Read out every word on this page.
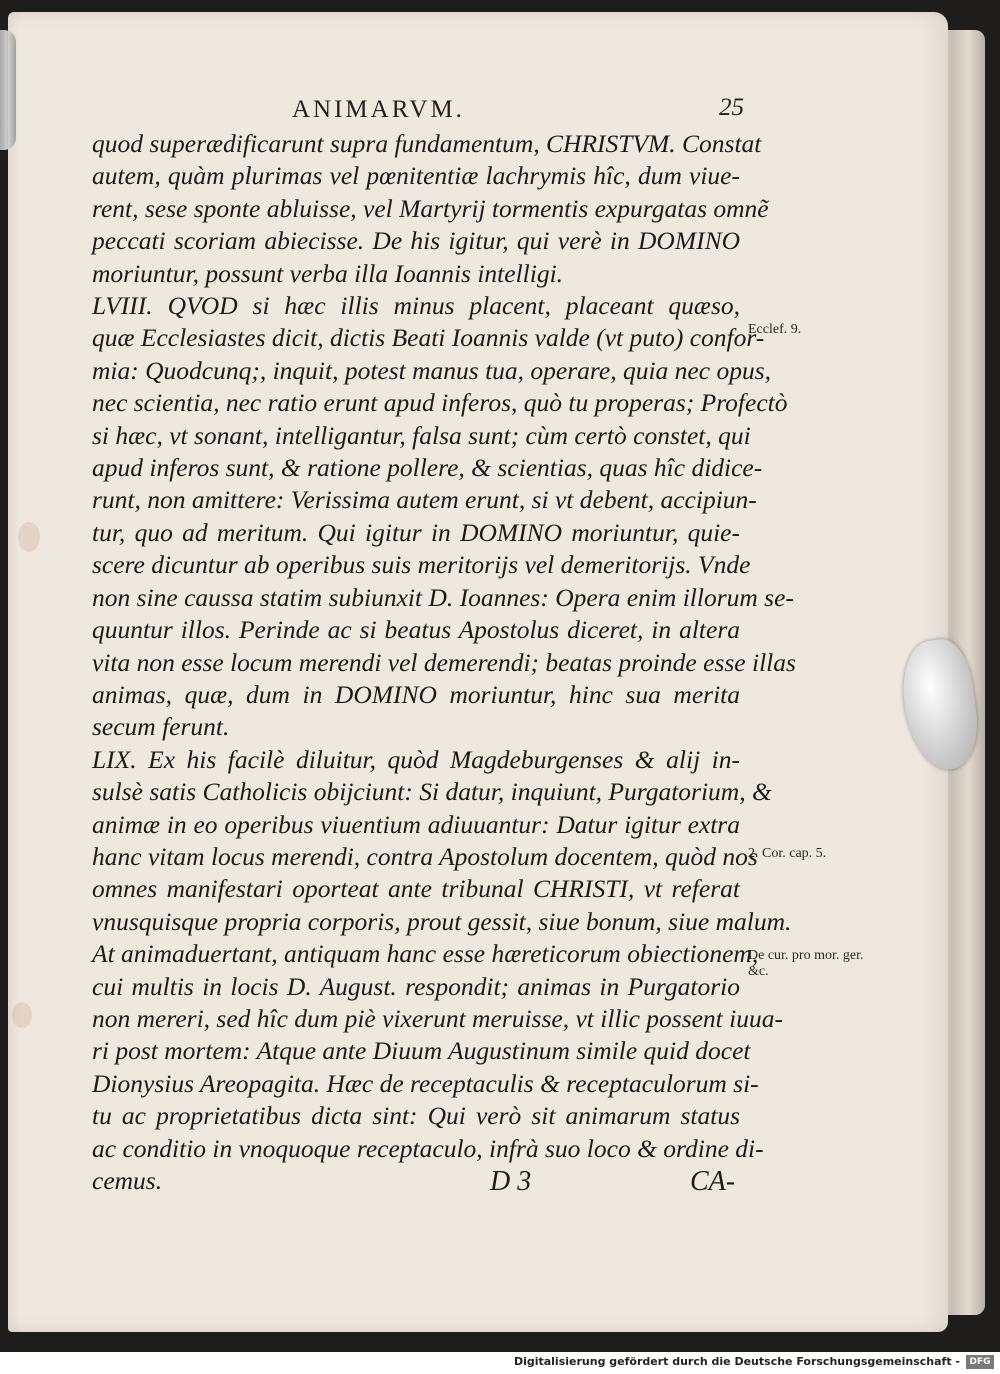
ANIMARVM.	25
quod superædificarunt supra fundamentum, CHRISTVM. Constat
autem, quàm plurimas vel pœnitentiæ lachrymis hîc, dum viue-
rent, sese sponte abluisse, vel Martyrij tormentis expurgatas omnẽ
peccati scoriam abiecisse. De his igitur, qui verè in DOMINO
moriuntur, possunt verba illa Ioannis intelligi.
LVIII. QVOD si hæc illis minus placent, placeant quæso,
quæ Ecclesiastes dicit, dictis Beati Ioannis valde (vt puto) confor-
mia: Quodcunq;, inquit, potest manus tua, operare, quia nec opus,
nec scientia, nec ratio erunt apud inferos, quò tu properas; Profectò
si hæc, vt sonant, intelligantur, falsa sunt; cùm certò constet, qui
apud inferos sunt, & ratione pollere, & scientias, quas hîc didice-
runt, non amittere: Verissima autem erunt, si vt debent, accipiun-
tur, quo ad meritum. Qui igitur in DOMINO moriuntur, quie-
scere dicuntur ab operibus suis meritorijs vel demeritorijs. Vnde
non sine caussa statim subiunxit D. Ioannes: Opera enim illorum se-
quuntur illos. Perinde ac si beatus Apostolus diceret, in altera
vita non esse locum merendi vel demerendi; beatas proinde esse illas
animas, quæ, dum in DOMINO moriuntur, hinc sua merita
secum ferunt.
LIX. Ex his facilè diluitur, quòd Magdeburgenses & alij in-
sulsè satis Catholicis obijciunt: Si datur, inquiunt, Purgatorium, &
animæ in eo operibus viuentium adiuuantur: Datur igitur extra
hanc vitam locus merendi, contra Apostolum docentem, quòd nos
omnes manifestari oporteat ante tribunal CHRISTI, vt referat
vnusquisque propria corporis, prout gessit, siue bonum, siue malum.
At animaduertant, antiquam hanc esse hæreticorum obiectionem,
cui multis in locis D. August. respondit; animas in Purgatorio
non mereri, sed hîc dum piè vixerunt meruisse, vt illic possent iuua-
ri post mortem: Atque ante Diuum Augustinum simile quid docet
Dionysius Areopagita. Hæc de receptaculis & receptaculorum si-
tu ac proprietatibus dicta sint: Qui verò sit animarum status
ac conditio in vnoquoque receptaculo, infrà suo loco & ordine di-
cemus.
Ecclef. 9.
2. Cor. cap. 5.
De cur. pro mor. ger. &c.
D 3	CA-
Digitalisierung gefördert durch die Deutsche Forschungsgemeinschaft -	DFG
